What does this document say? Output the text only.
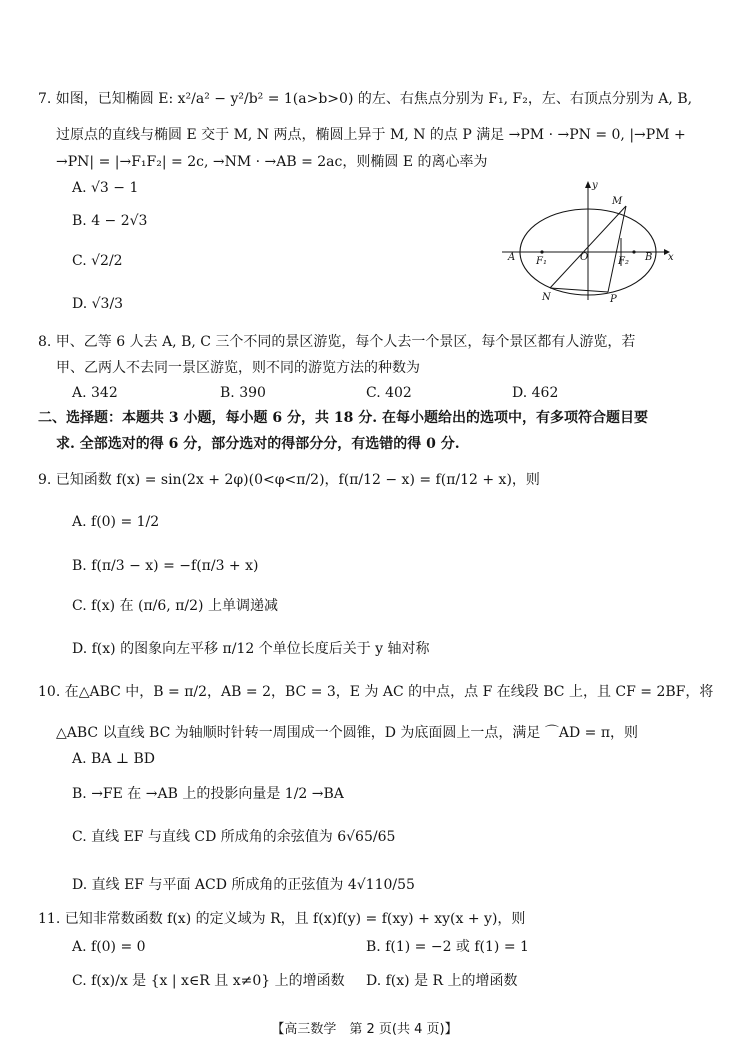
7. 如图，已知椭圆 E: x²/a² − y²/b² = 1(a>b>0) 的左、右焦点分别为 F₁, F₂，左、右顶点分别为 A, B,
过原点的直线与椭圆 E 交于 M, N 两点，椭圆上异于 M, N 的点 P 满足 →PM · →PN = 0, |→PM +
→PN| = |→F₁F₂| = 2c, →NM · →AB = 2ac，则椭圆 E 的离心率为
A. √3 − 1
B. 4 − 2√3
C. √2/2
D. √3/3
y
x
M
N	P
A	B
F₁	F₂
O
8. 甲、乙等 6 人去 A, B, C 三个不同的景区游览，每个人去一个景区，每个景区都有人游览，若
甲、乙两人不去同一景区游览，则不同的游览方法的种数为
A. 342	B. 390	C. 402	D. 462
二、选择题：本题共 3 小题，每小题 6 分，共 18 分. 在每小题给出的选项中，有多项符合题目要
求. 全部选对的得 6 分，部分选对的得部分分，有选错的得 0 分.
9. 已知函数 f(x) = sin(2x + 2φ)(0<φ<π/2)，f(π/12 − x) = f(π/12 + x)，则
A. f(0) = 1/2
B. f(π/3 − x) = −f(π/3 + x)
C. f(x) 在 (π/6, π/2) 上单调递减
D. f(x) 的图象向左平移 π/12 个单位长度后关于 y 轴对称
10. 在△ABC 中，B = π/2，AB = 2，BC = 3，E 为 AC 的中点，点 F 在线段 BC 上，且 CF = 2BF，将
△ABC 以直线 BC 为轴顺时针转一周围成一个圆锥，D 为底面圆上一点，满足 ⌒AD = π，则
A. BA ⊥ BD
B. →FE 在 →AB 上的投影向量是 1/2 →BA
C. 直线 EF 与直线 CD 所成角的余弦值为 6√65/65
D. 直线 EF 与平面 ACD 所成角的正弦值为 4√110/55
11. 已知非常数函数 f(x) 的定义域为 R，且 f(x)f(y) = f(xy) + xy(x + y)，则
A. f(0) = 0	B. f(1) = −2 或 f(1) = 1
C. f(x)/x 是 {x | x∈R 且 x≠0} 上的增函数 D. f(x) 是 R 上的增函数
【高三数学　第 2 页(共 4 页)】
